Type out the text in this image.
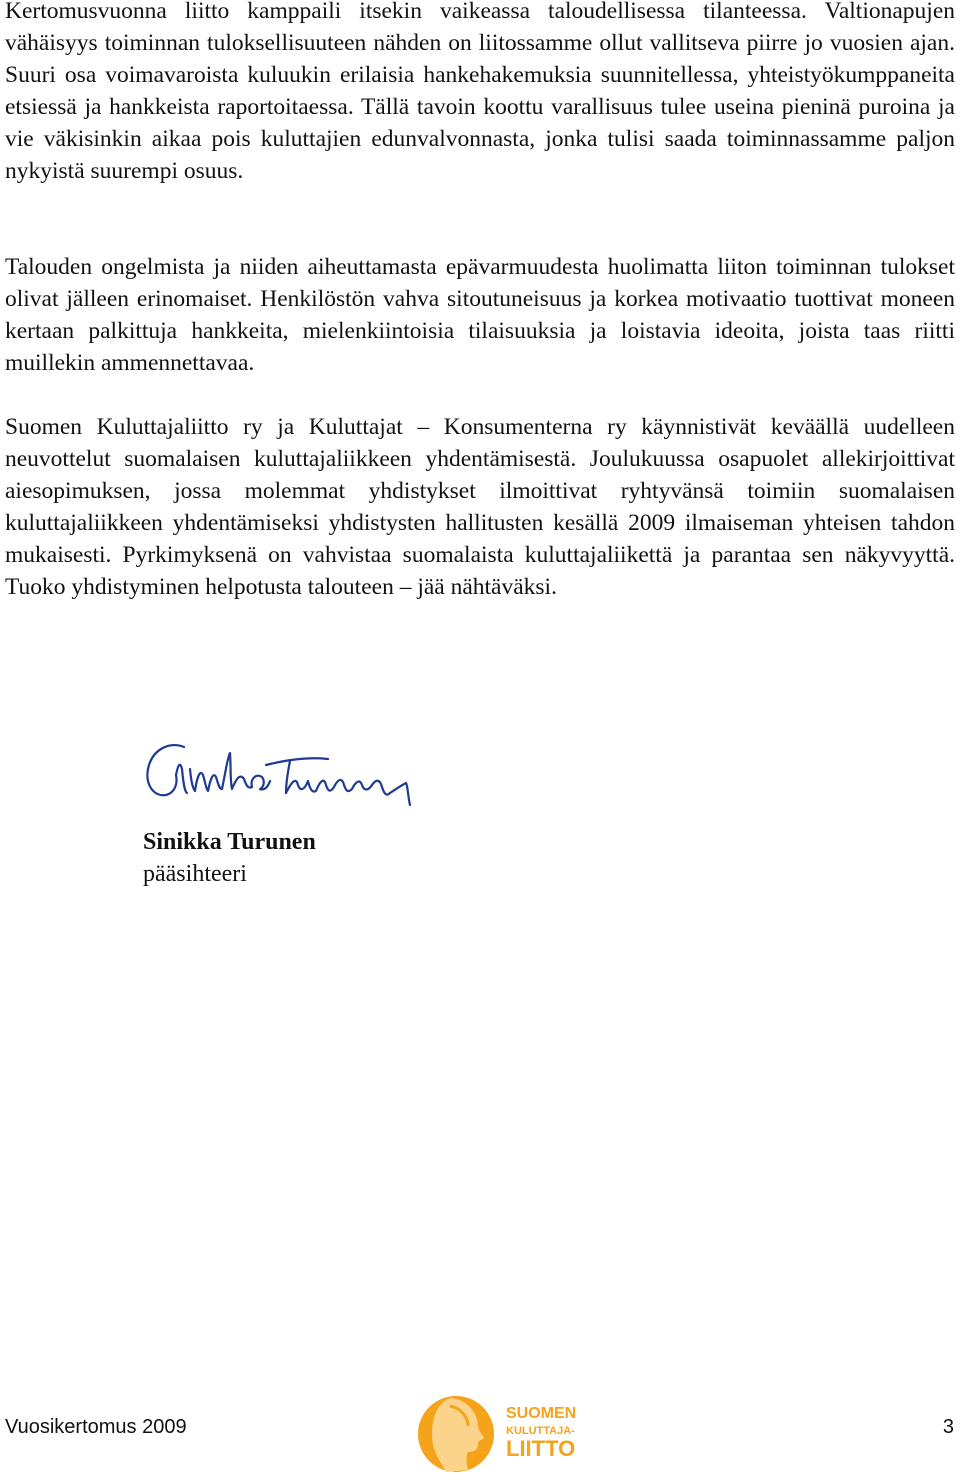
Kertomusvuonna liitto kamppaili itsekin vaikeassa taloudellisessa tilanteessa. Valtionapujen vähäisyys toiminnan tuloksellisuuteen nähden on liitossamme ollut vallitseva piirre jo vuosien ajan. Suuri osa voimavaroista kuluukin erilaisia hankehakemuksia suunnitellessa, yhteistyökumppaneita etsiessä ja hankkeista raportoitaessa. Tällä tavoin koottu varallisuus tulee useina pieninä puroina ja vie väkisinkin aikaa pois kuluttajien edunvalvonnasta, jonka tulisi saada toiminnassamme paljon nykyistä suurempi osuus.

Talouden ongelmista ja niiden aiheuttamasta epävarmuudesta huolimatta liiton toiminnan tulokset olivat jälleen erinomaiset. Henkilöstön vahva sitoutuneisuus ja korkea motivaatio tuottivat moneen kertaan palkittuja hankkeita, mielenkiintoisia tilaisuuksia ja loistavia ideoita, joista taas riitti muillekin ammennettavaa.

Suomen Kuluttajaliitto ry ja Kuluttajat – Konsumenterna ry käynnistivät keväällä uudelleen neuvottelut suomalaisen kuluttajaliikkeen yhdentämisestä. Joulukuussa osapuolet allekirjoittivat aiesopimuksen, jossa molemmat yhdistykset ilmoittivat ryhtyvänsä toimiin suomalaisen kuluttajaliikkeen yhdentämiseksi yhdistysten hallitusten kesällä 2009 ilmaiseman yhteisen tahdon mukaisesti. Pyrkimyksenä on vahvistaa suomalaista kuluttajaliikettä ja parantaa sen näkyvyyttä. Tuoko yhdistyminen helpotusta talouteen – jää nähtäväksi.

Sinikka Turunen
pääsihteeri
Vuosikertomus 2009
SUOMEN
KULUTTAJA-
LIITTO
3
